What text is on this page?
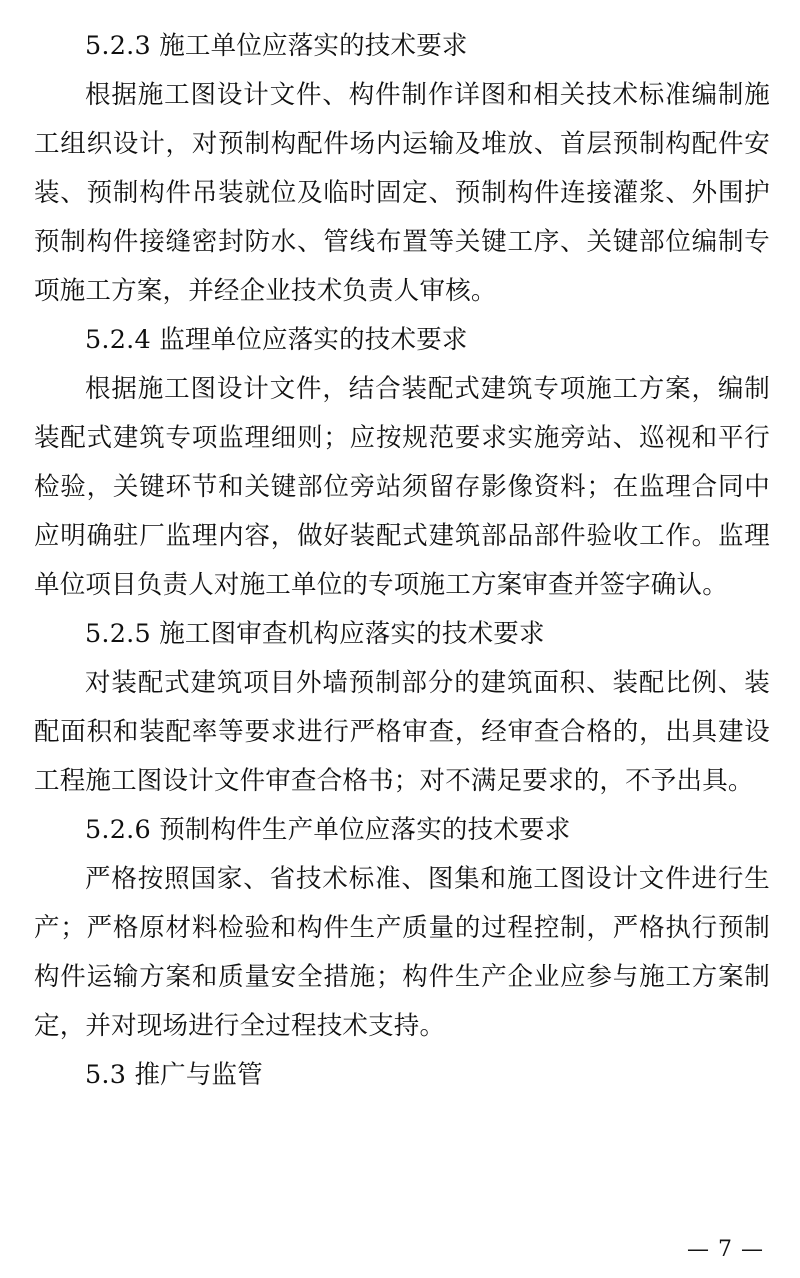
5.2.3 施工单位应落实的技术要求

根据施工图设计文件、构件制作详图和相关技术标准编制施工组织设计，对预制构配件场内运输及堆放、首层预制构配件安装、预制构件吊装就位及临时固定、预制构件连接灌浆、外围护预制构件接缝密封防水、管线布置等关键工序、关键部位编制专项施工方案，并经企业技术负责人审核。

5.2.4 监理单位应落实的技术要求

根据施工图设计文件，结合装配式建筑专项施工方案，编制装配式建筑专项监理细则；应按规范要求实施旁站、巡视和平行检验，关键环节和关键部位旁站须留存影像资料；在监理合同中应明确驻厂监理内容，做好装配式建筑部品部件验收工作。监理单位项目负责人对施工单位的专项施工方案审查并签字确认。

5.2.5 施工图审查机构应落实的技术要求

对装配式建筑项目外墙预制部分的建筑面积、装配比例、装配面积和装配率等要求进行严格审查，经审查合格的，出具建设工程施工图设计文件审查合格书；对不满足要求的，不予出具。

5.2.6 预制构件生产单位应落实的技术要求

严格按照国家、省技术标准、图集和施工图设计文件进行生产；严格原材料检验和构件生产质量的过程控制，严格执行预制构件运输方案和质量安全措施；构件生产企业应参与施工方案制定，并对现场进行全过程技术支持。

5.3 推广与监管

— 7 —
